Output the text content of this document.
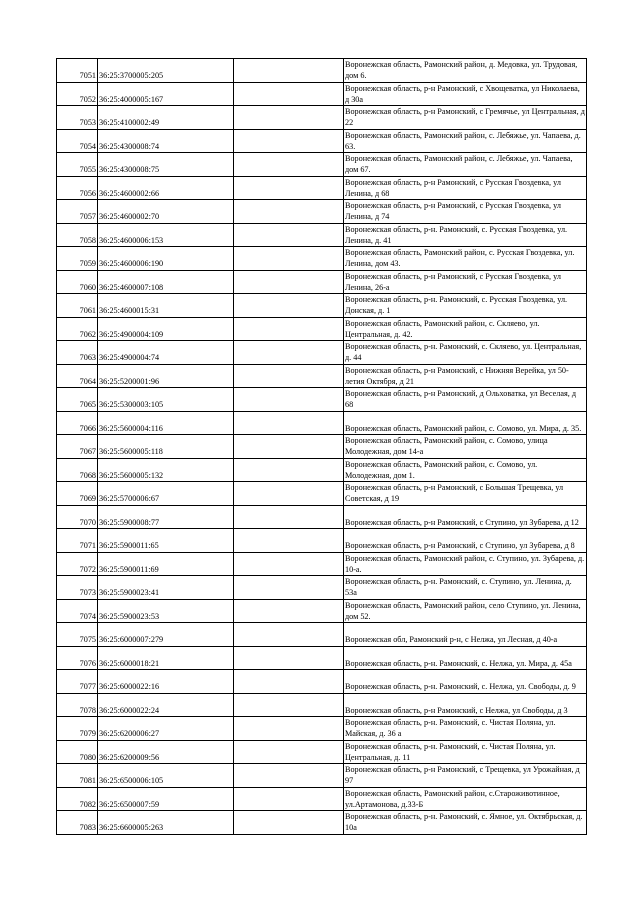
7051	36:25:3700005:205		Воронежская область, Рамонский район, д. Медовка, ул. Трудовая, дом 6.
7052	36:25:4000005:167		Воронежская область, р-н Рамонский, с Хвощеватка, ул Николаева, д 30а
7053	36:25:4100002:49		Воронежская область, р-н Рамонский, с Гремячье, ул Центральная, д 22
7054	36:25:4300008:74		Воронежская область, Рамонский район, с. Лебяжье, ул. Чапаева, д. 63.
7055	36:25:4300008:75		Воронежская область, Рамонский район, с. Лебяжье, ул. Чапаева, дом 67.
7056	36:25:4600002:66		Воронежская область, р-н Рамонский, с Русская Гвоздевка, ул Ленина, д 68
7057	36:25:4600002:70		Воронежская область, р-н Рамонский, с Русская Гвоздевка, ул Ленина, д 74
7058	36:25:4600006:153		Воронежская область, р-н. Рамонский, с. Русская Гвоздевка, ул. Ленина, д. 41
7059	36:25:4600006:190		Воронежская область, Рамонский район, с. Русская Гвоздевка, ул. Ленина, дом 43.
7060	36:25:4600007:108		Воронежская область, р-н Рамонский, с Русская Гвоздевка, ул Ленина, 26-а
7061	36:25:4600015:31		Воронежская область, р-н. Рамонский, с. Русская Гвоздевка, ул. Донская, д. 1
7062	36:25:4900004:109		Воронежская область, Рамонский район, с. Скляево, ул. Центральная, д. 42.
7063	36:25:4900004:74		Воронежская область, р-н. Рамонский, с. Скляево, ул. Центральная, д. 44
7064	36:25:5200001:96		Воронежская область, р-н Рамонский, с Нижняя Верейка, ул 50-летия Октября, д 21
7065	36:25:5300003:105		Воронежская область, р-н Рамонский, д Ольховатка, ул Веселая, д 68
7066	36:25:5600004:116		Воронежская область, Рамонский район, с. Сомово, ул. Мира, д. 35.
7067	36:25:5600005:118		Воронежская область, Рамонский район, с. Сомово, улица Молодежная, дом 14-а
7068	36:25:5600005:132		Воронежская область, Рамонский район, с. Сомово, ул. Молодежная, дом 1.
7069	36:25:5700006:67		Воронежская область, р-н Рамонский, с Большая Трещевка, ул Советская, д 19
7070	36:25:5900008:77		Воронежская область, р-н Рамонский, с Ступино, ул Зубарева, д 12
7071	36:25:5900011:65		Воронежская область, р-н Рамонский, с Ступино, ул Зубарева, д 8
7072	36:25:5900011:69		Воронежская область, Рамонский район, с. Ступино, ул. Зубарева, д. 10-а.
7073	36:25:5900023:41		Воронежская область, р-н. Рамонский, с. Ступино, ул. Ленина, д. 53а
7074	36:25:5900023:53		Воронежская область, Рамонский район, село Ступино, ул. Ленина, дом 52.
7075	36:25:6000007:279		Воронежская обл, Рамонский р-н, с Нелжа, ул Лесная, д 40-а
7076	36:25:6000018:21		Воронежская область, р-н. Рамонский, с. Нелжа, ул. Мира, д. 45а
7077	36:25:6000022:16		Воронежская область, р-н. Рамонский, с. Нелжа, ул. Свободы, д. 9
7078	36:25:6000022:24		Воронежская область, р-н Рамонский, с Нелжа, ул Свободы, д 3
7079	36:25:6200006:27		Воронежская область, р-н. Рамонский, с. Чистая Поляна, ул. Майская, д. 36 а
7080	36:25:6200009:56		Воронежская область, р-н. Рамонский, с. Чистая Поляна, ул. Центральная, д. 11
7081	36:25:6500006:105		Воронежская область, р-н Рамонский, с Трещевка, ул Урожайная, д 97
7082	36:25:6500007:59		Воронежская область, Рамонский район, с.Староживотинное, ул.Артамонова, д.33-Б
7083	36:25:6600005:263		Воронежская область, р-н. Рамонский, с. Ямное, ул. Октябрьская, д. 10а
